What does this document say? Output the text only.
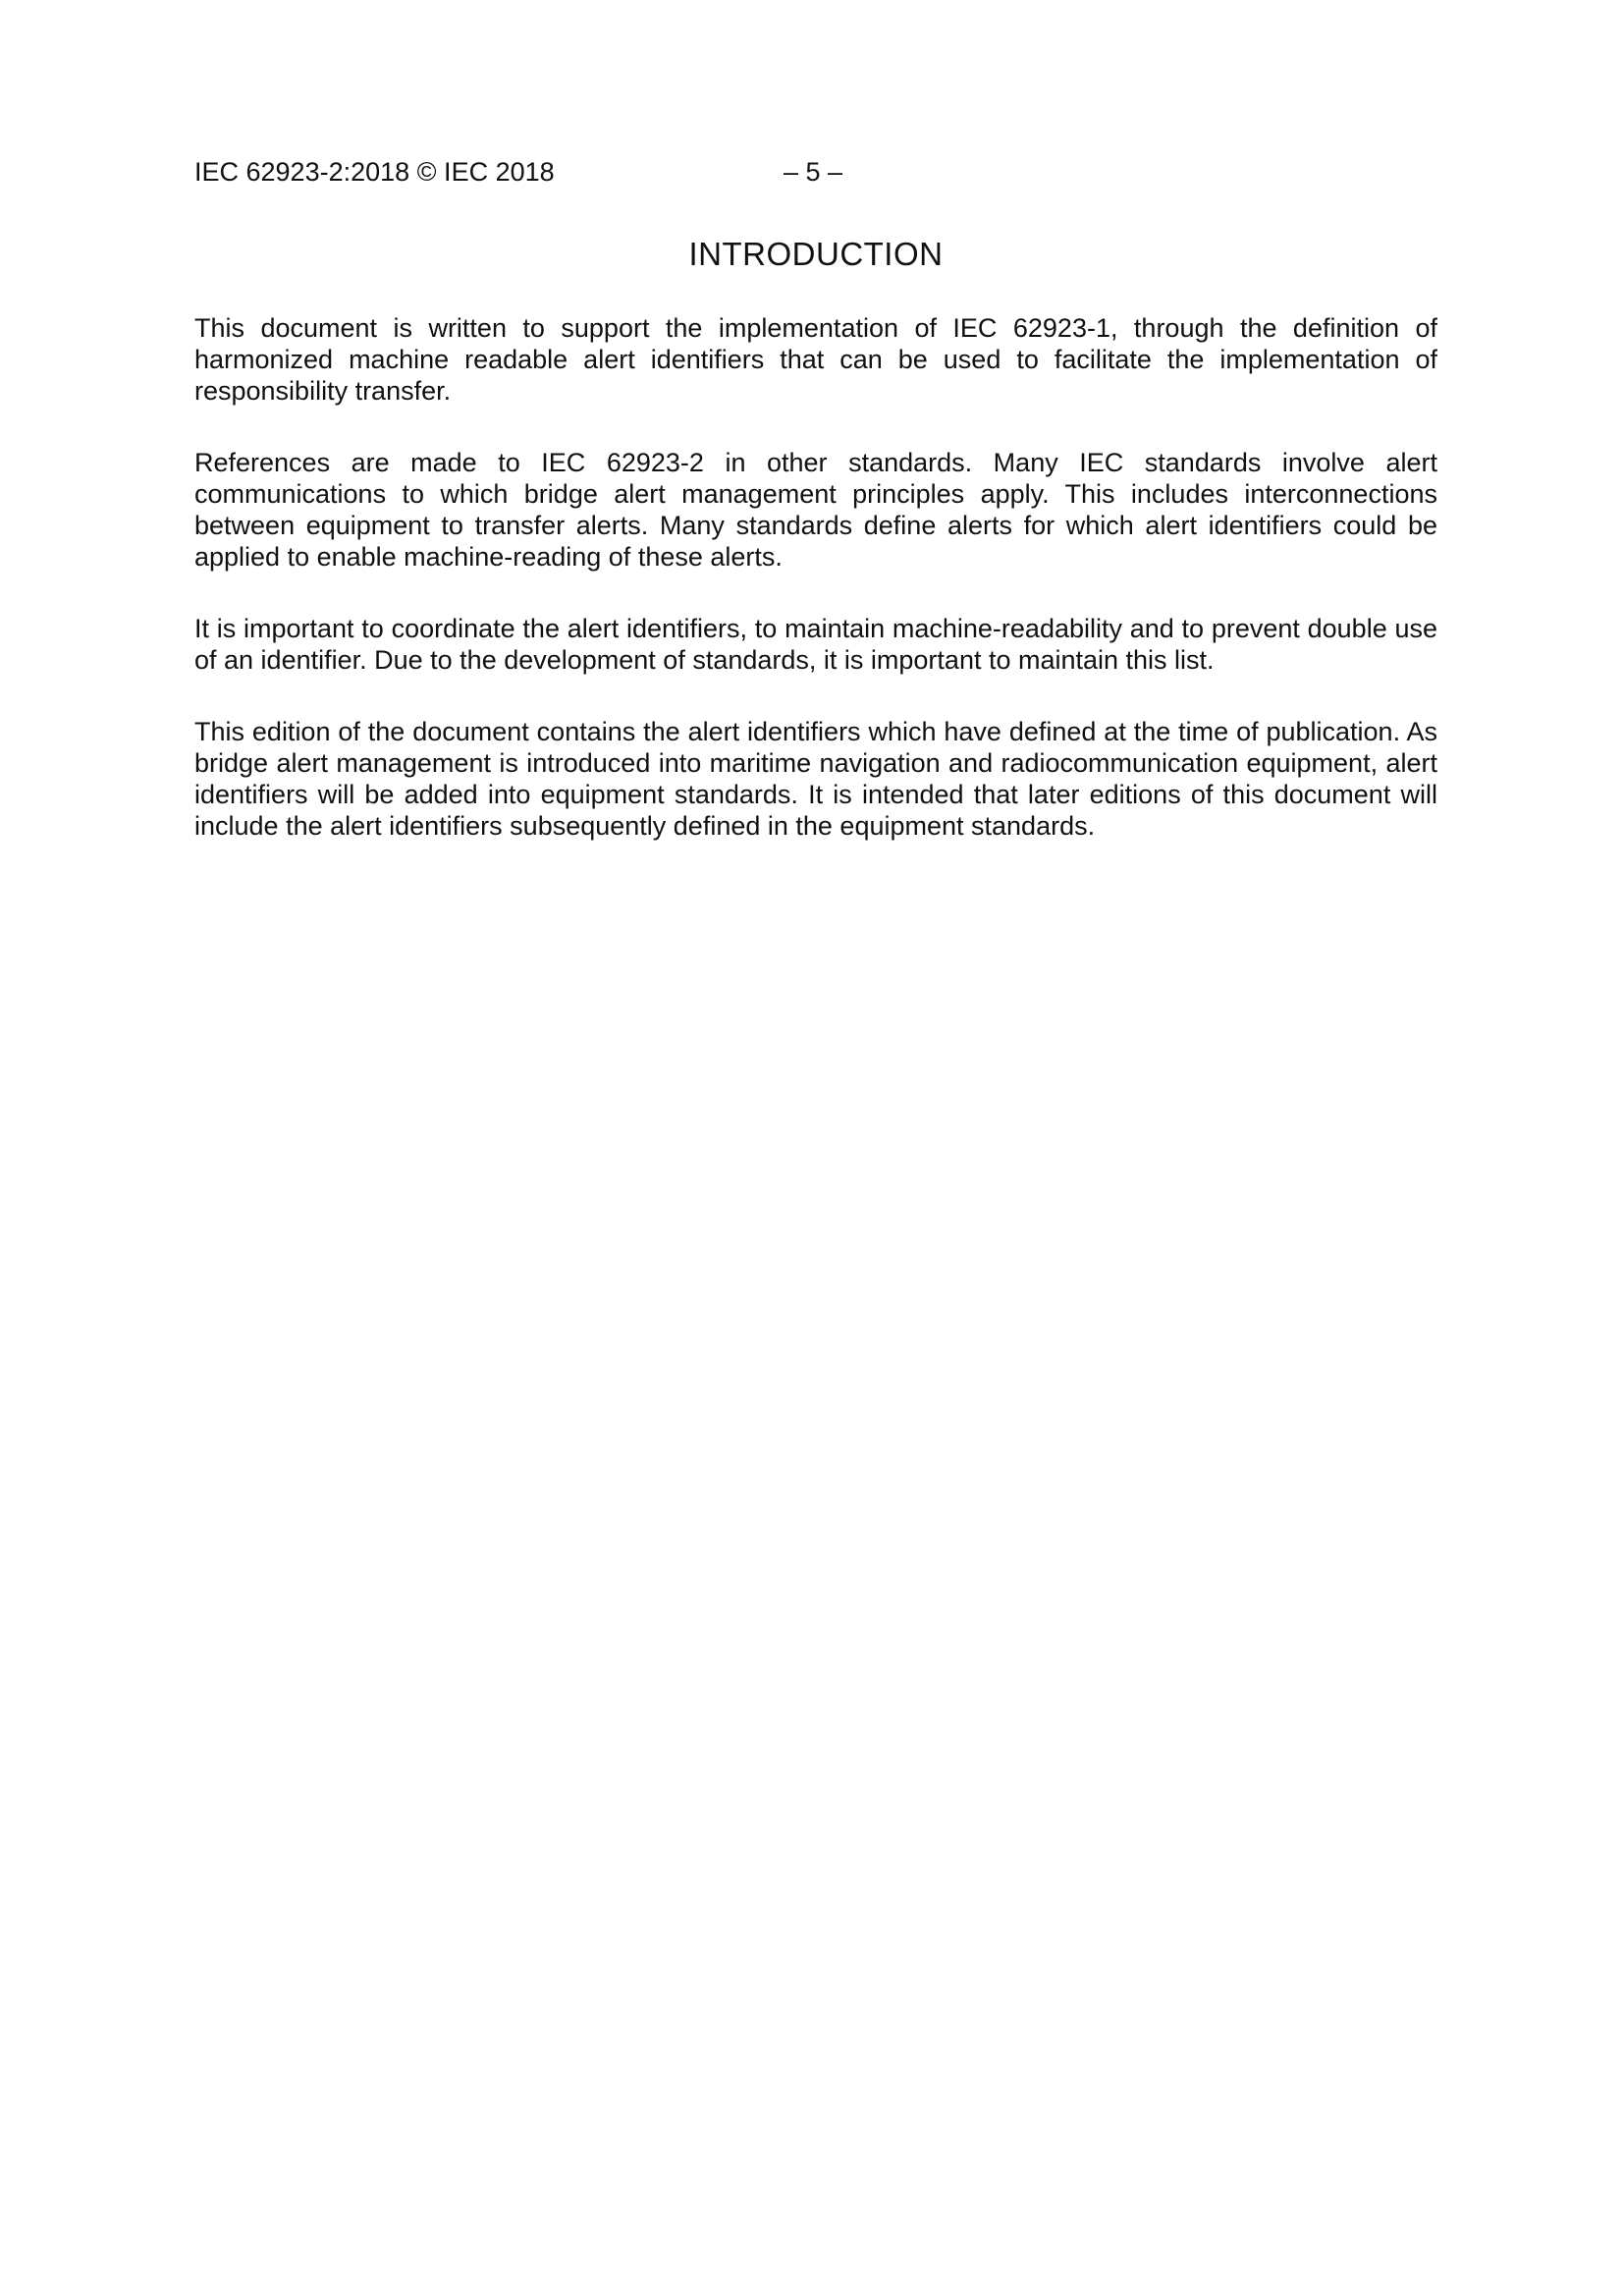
IEC 62923-2:2018 © IEC 2018	– 5 –
INTRODUCTION

This document is written to support the implementation of IEC 62923-1, through the definition of harmonized machine readable alert identifiers that can be used to facilitate the implementation of responsibility transfer.

References are made to IEC 62923-2 in other standards. Many IEC standards involve alert communications to which bridge alert management principles apply. This includes interconnections between equipment to transfer alerts. Many standards define alerts for which alert identifiers could be applied to enable machine-reading of these alerts.

It is important to coordinate the alert identifiers, to maintain machine-readability and to prevent double use of an identifier. Due to the development of standards, it is important to maintain this list.

This edition of the document contains the alert identifiers which have defined at the time of publication. As bridge alert management is introduced into maritime navigation and radiocommunication equipment, alert identifiers will be added into equipment standards. It is intended that later editions of this document will include the alert identifiers subsequently defined in the equipment standards.
